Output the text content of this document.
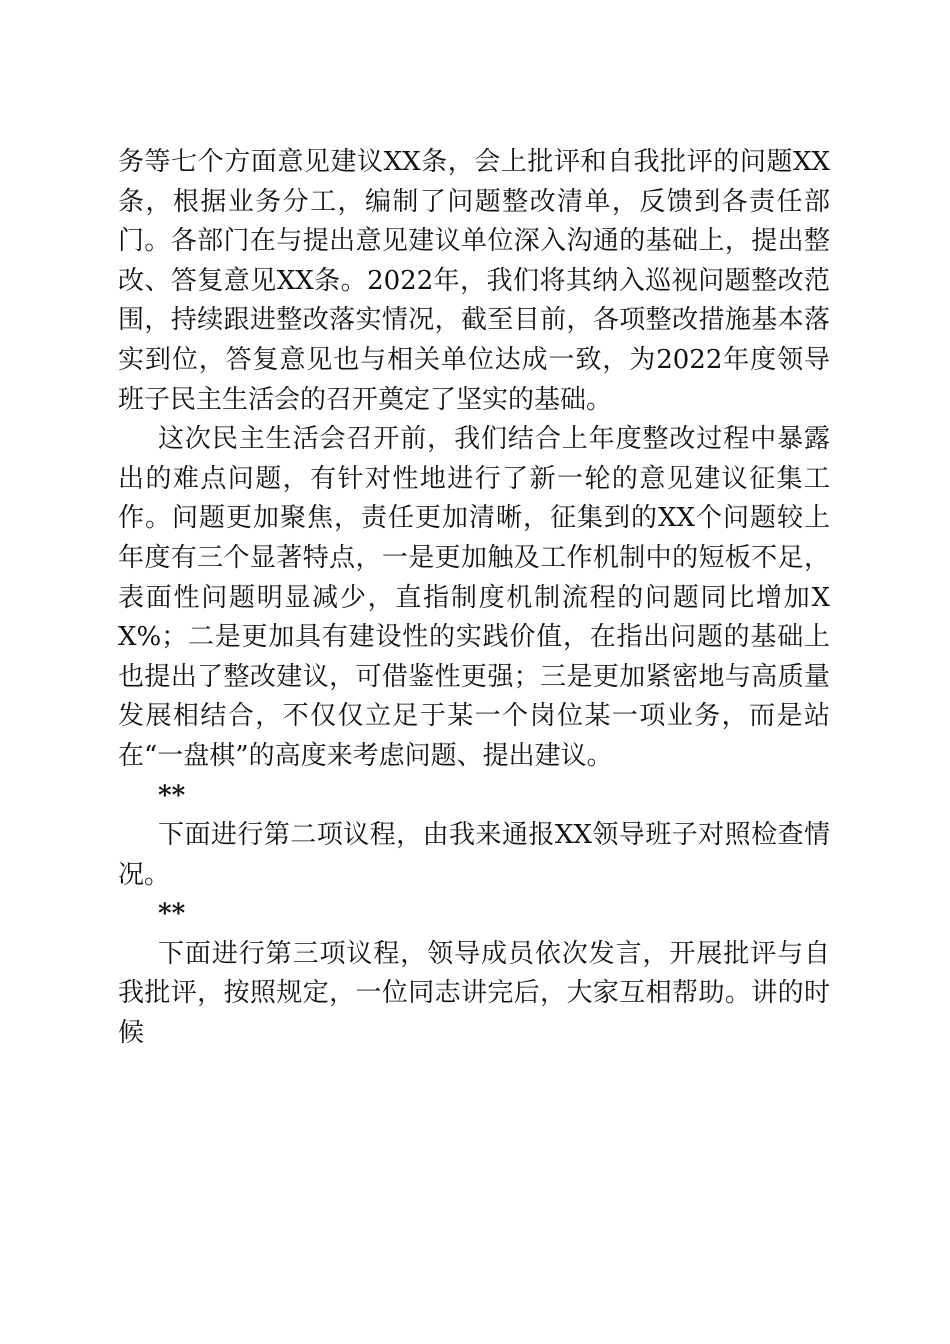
务等七个方面意见建议XX条，会上批评和自我批评的问题XX条，根据业务分工，编制了问题整改清单，反馈到各责任部门。各部门在与提出意见建议单位深入沟通的基础上，提出整改、答复意见XX条。2022年，我们将其纳入巡视问题整改范围，持续跟进整改落实情况，截至目前，各项整改措施基本落实到位，答复意见也与相关单位达成一致，为2022年度领导班子民主生活会的召开奠定了坚实的基础。

这次民主生活会召开前，我们结合上年度整改过程中暴露出的难点问题，有针对性地进行了新一轮的意见建议征集工作。问题更加聚焦，责任更加清晰，征集到的XX个问题较上年度有三个显著特点，一是更加触及工作机制中的短板不足，表面性问题明显减少，直指制度机制流程的问题同比增加XX%；二是更加具有建设性的实践价值，在指出问题的基础上也提出了整改建议，可借鉴性更强；三是更加紧密地与高质量发展相结合，不仅仅立足于某一个岗位某一项业务，而是站在“一盘棋”的高度来考虑问题、提出建议。

**

下面进行第二项议程，由我来通报XX领导班子对照检查情况。

**

下面进行第三项议程，领导成员依次发言，开展批评与自我批评，按照规定，一位同志讲完后，大家互相帮助。讲的时候
